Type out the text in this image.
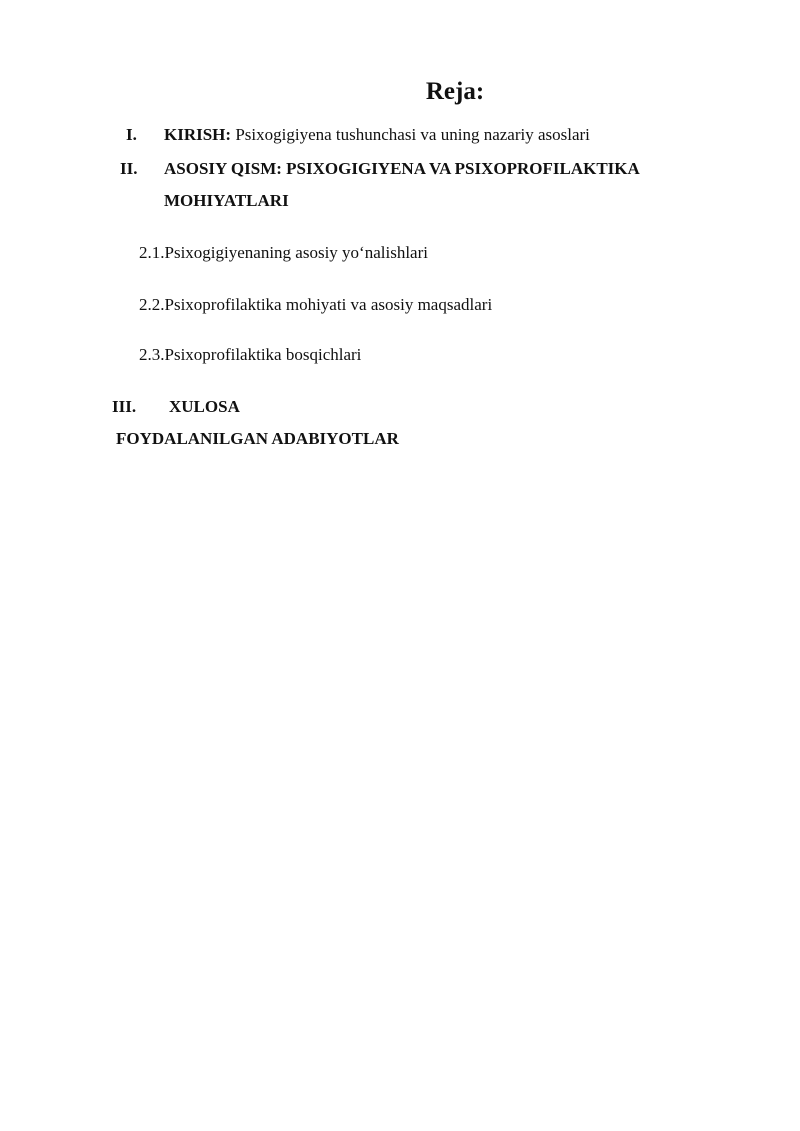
Reja:
I. KIRISH: Psixogigiyena tushunchasi va uning nazariy asoslari
II. ASOSIY QISM: PSIXOGIGIYENA VA PSIXOPROFILAKTIKA
MOHIYATLARI
2.1.Psixogigiyenaning asosiy yo‘nalishlari
2.2.Psixoprofilaktika mohiyati va asosiy maqsadlari
2.3.Psixoprofilaktika bosqichlari
III. XULOSA
FOYDALANILGAN ADABIYOTLAR
